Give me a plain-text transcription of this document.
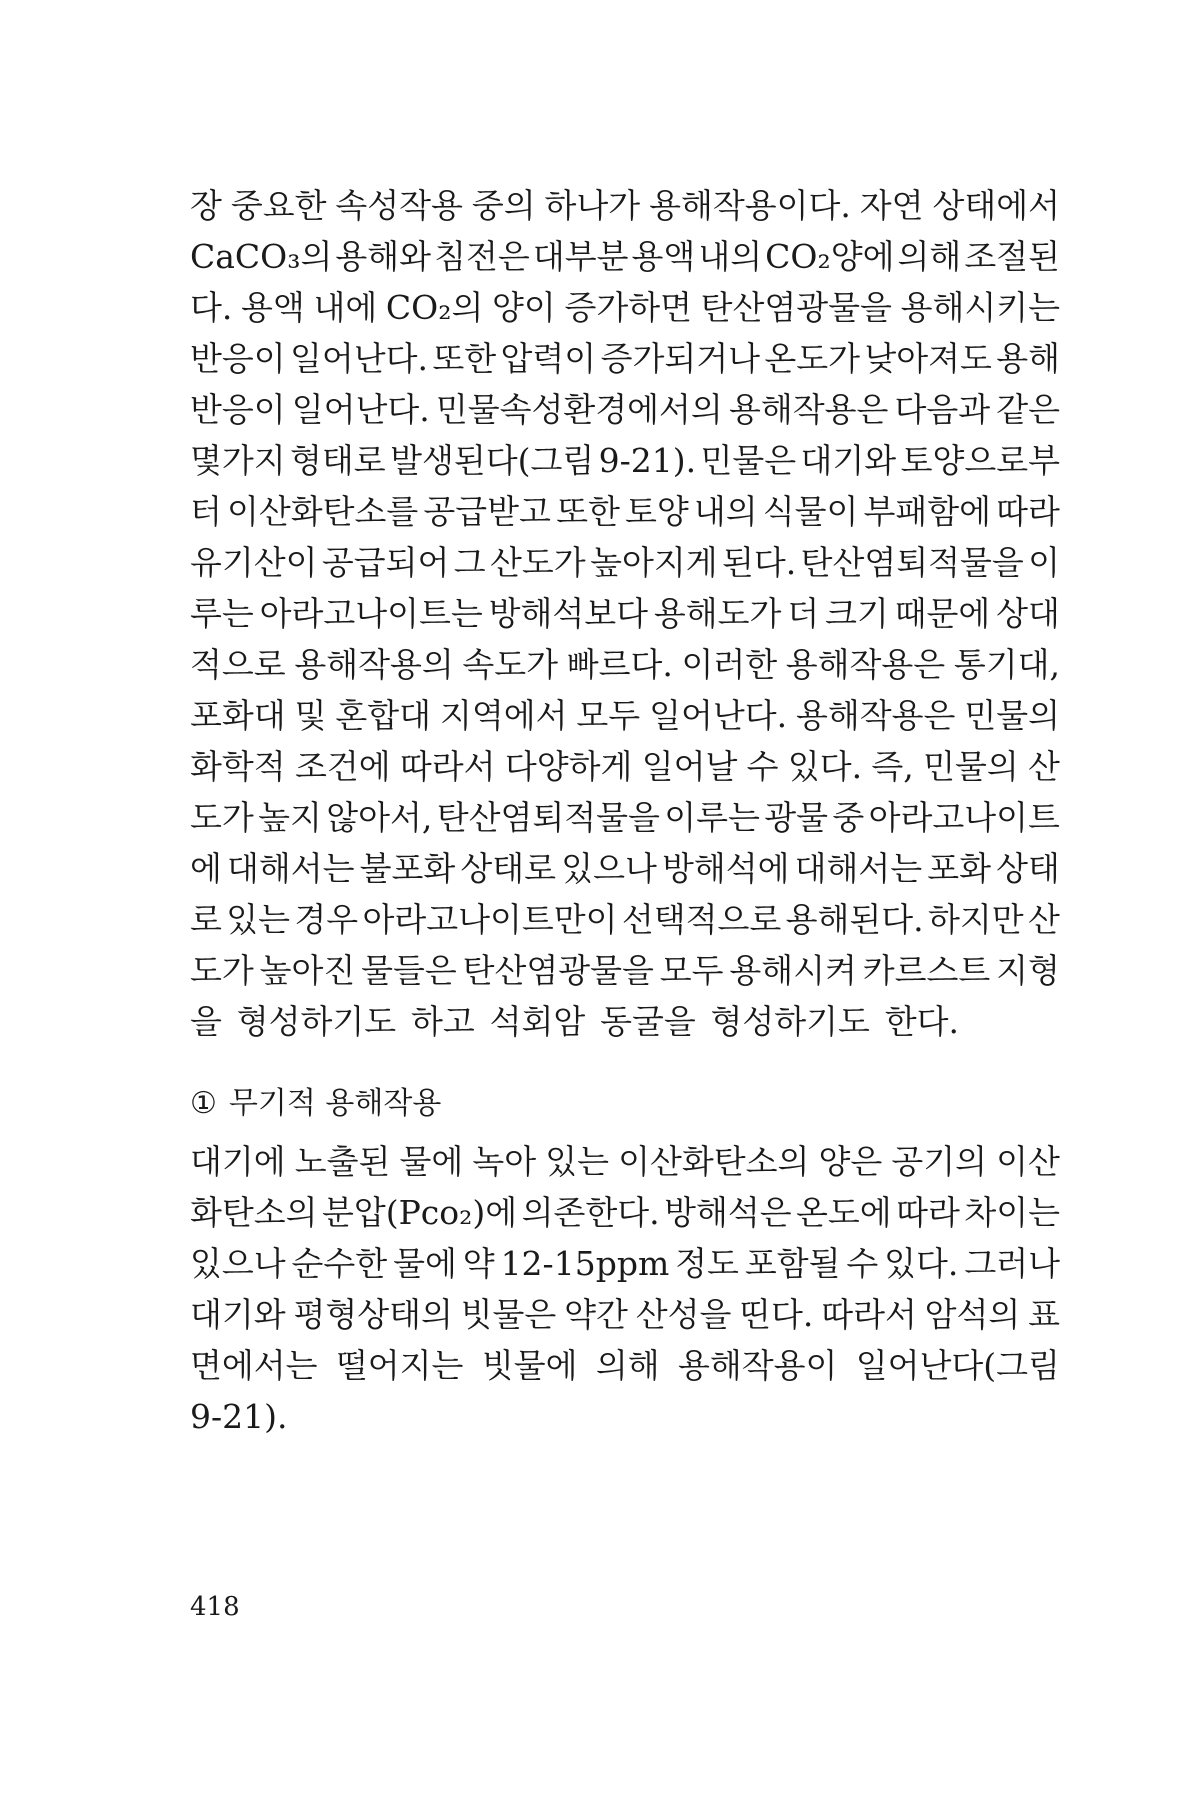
장 중요한 속성작용 중의 하나가 용해작용이다. 자연 상태에서
CaCO₃의 용해와 침전은 대부분 용액 내의 CO₂양에 의해 조절된
다. 용액 내에 CO₂의 양이 증가하면 탄산염광물을 용해시키는
반응이 일어난다. 또한 압력이 증가되거나 온도가 낮아져도 용해
반응이 일어난다. 민물속성환경에서의 용해작용은 다음과 같은
몇가지 형태로 발생된다(그림 9-21). 민물은 대기와 토양으로부
터 이산화탄소를 공급받고 또한 토양 내의 식물이 부패함에 따라
유기산이 공급되어 그 산도가 높아지게 된다. 탄산염퇴적물을 이
루는 아라고나이트는 방해석보다 용해도가 더 크기 때문에 상대
적으로 용해작용의 속도가 빠르다. 이러한 용해작용은 통기대,
포화대 및 혼합대 지역에서 모두 일어난다. 용해작용은 민물의
화학적 조건에 따라서 다양하게 일어날 수 있다. 즉, 민물의 산
도가 높지 않아서, 탄산염퇴적물을 이루는 광물 중 아라고나이트
에 대해서는 불포화 상태로 있으나 방해석에 대해서는 포화 상태
로 있는 경우 아라고나이트만이 선택적으로 용해된다. 하지만 산
도가 높아진 물들은 탄산염광물을 모두 용해시켜 카르스트 지형
을 형성하기도 하고 석회암 동굴을 형성하기도 한다.
① 무기적 용해작용
대기에 노출된 물에 녹아 있는 이산화탄소의 양은 공기의 이산
화탄소의 분압(Pco₂)에 의존한다. 방해석은 온도에 따라 차이는
있으나 순수한 물에 약 12-15ppm 정도 포함될 수 있다. 그러나
대기와 평형상태의 빗물은 약간 산성을 띤다. 따라서 암석의 표
면에서는 떨어지는 빗물에 의해 용해작용이 일어난다(그림
9-21).
418
